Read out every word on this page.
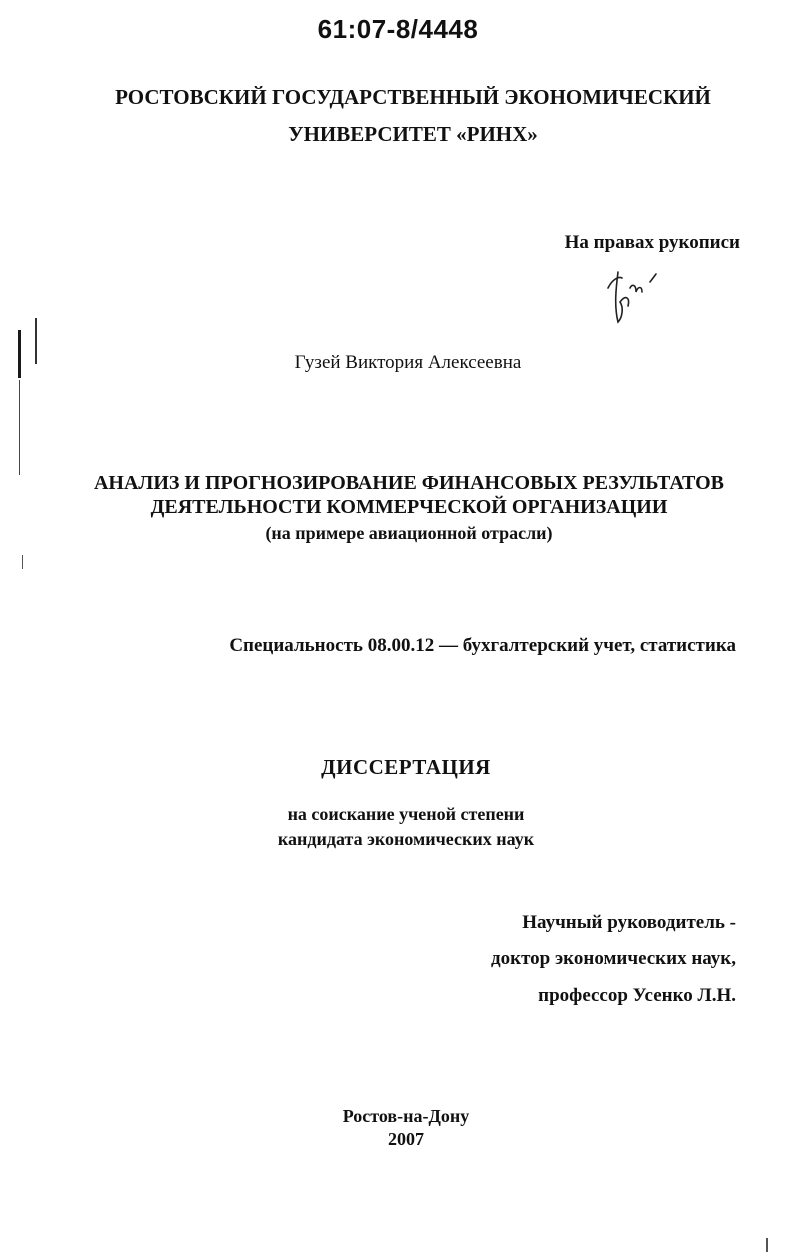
61:07-8/4448
РОСТОВСКИЙ ГОСУДАРСТВЕННЫЙ ЭКОНОМИЧЕСКИЙ
УНИВЕРСИТЕТ «РИНХ»
На правах рукописи
Гузей Виктория Алексеевна
АНАЛИЗ И ПРОГНОЗИРОВАНИЕ ФИНАНСОВЫХ РЕЗУЛЬТАТОВ
ДЕЯТЕЛЬНОСТИ КОММЕРЧЕСКОЙ ОРГАНИЗАЦИИ
(на примере авиационной отрасли)
Специальность 08.00.12 — бухгалтерский учет, статистика
ДИССЕРТАЦИЯ
на соискание ученой степени
кандидата экономических наук
Научный руководитель -
доктор экономических наук,
профессор Усенко Л.Н.
Ростов-на-Дону
2007
